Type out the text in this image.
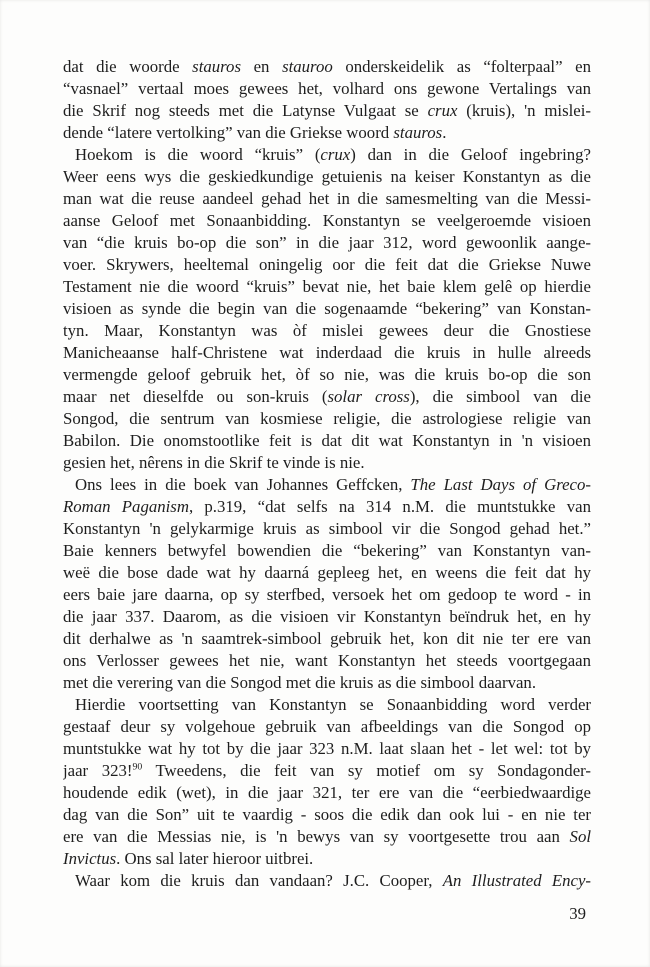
dat die woorde stauros en stauroo onderskeidelik as “folterpaal” en
“vasnael” vertaal moes gewees het, volhard ons gewone Vertalings van
die Skrif nog steeds met die Latynse Vulgaat se crux (kruis), 'n mislei-
dende “latere vertolking” van die Griekse woord stauros.
Hoekom is die woord “kruis” (crux) dan in die Geloof ingebring?
Weer eens wys die geskiedkundige getuienis na keiser Konstantyn as die
man wat die reuse aandeel gehad het in die samesmelting van die Messi-
aanse Geloof met Sonaanbidding. Konstantyn se veelgeroemde visioen
van “die kruis bo-op die son” in die jaar 312, word gewoonlik aange-
voer. Skrywers, heeltemal oningelig oor die feit dat die Griekse Nuwe
Testament nie die woord “kruis” bevat nie, het baie klem gelê op hierdie
visioen as synde die begin van die sogenaamde “bekering” van Konstan-
tyn. Maar, Konstantyn was òf mislei gewees deur die Gnostiese
Manicheaanse half-Christene wat inderdaad die kruis in hulle alreeds
vermengde geloof gebruik het, òf so nie, was die kruis bo-op die son
maar net dieselfde ou son-kruis (solar cross), die simbool van die
Songod, die sentrum van kosmiese religie, die astrologiese religie van
Babilon. Die onomstootlike feit is dat dit wat Konstantyn in 'n visioen
gesien het, nêrens in die Skrif te vinde is nie.
Ons lees in die boek van Johannes Geffcken, The Last Days of Greco-
Roman Paganism, p.319, “dat selfs na 314 n.M. die muntstukke van
Konstantyn 'n gelykarmige kruis as simbool vir die Songod gehad het.”
Baie kenners betwyfel bowendien die “bekering” van Konstantyn van-
weë die bose dade wat hy daarná gepleeg het, en weens die feit dat hy
eers baie jare daarna, op sy sterfbed, versoek het om gedoop te word - in
die jaar 337. Daarom, as die visioen vir Konstantyn beïndruk het, en hy
dit derhalwe as 'n saamtrek-simbool gebruik het, kon dit nie ter ere van
ons Verlosser gewees het nie, want Konstantyn het steeds voortgegaan
met die verering van die Songod met die kruis as die simbool daarvan.
Hierdie voortsetting van Konstantyn se Sonaanbidding word verder
gestaaf deur sy volgehoue gebruik van afbeeldings van die Songod op
muntstukke wat hy tot by die jaar 323 n.M. laat slaan het - let wel: tot by
jaar 323!$^{90}$ Tweedens, die feit van sy motief om sy Sondagonder-
houdende edik (wet), in die jaar 321, ter ere van die “eerbiedwaardige
dag van die Son” uit te vaardig - soos die edik dan ook lui - en nie ter
ere van die Messias nie, is 'n bewys van sy voortgesette trou aan Sol
Invictus. Ons sal later hieroor uitbrei.
Waar kom die kruis dan vandaan? J.C. Cooper, An Illustrated Ency-
39
